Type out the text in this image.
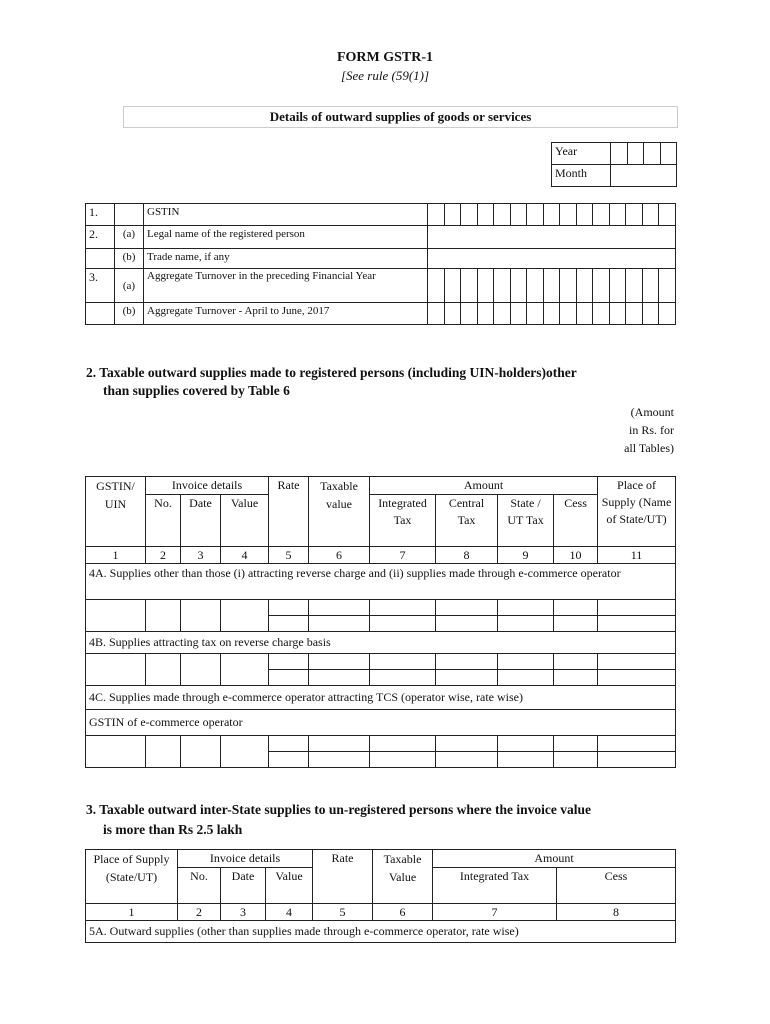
FORM GSTR-1
[See rule (59(1)]
Details of outward supplies of goods or services
Year	

Month	
1.		GSTIN	

2.	(a)	Legal name of the registered person	
	(b)	Trade name, if any	
3.	(a)	Aggregate Turnover in the preceding Financial Year	

	(b)	Aggregate Turnover - April to June, 2017	
2. Taxable outward supplies made to registered persons (including UIN-holders)other
than supplies covered by Table 6
(Amount
in Rs. for
all Tables)
GSTIN/ UIN	Invoice details			Rate	Taxable value	Amount				Place of Supply (Name of State/UT)
	No.	Date	Value			Integrated Tax	Central Tax	State / UT Tax	Cess	
1	2	3	4	5	6	7	8	9	10	11
4A. Supplies other than those (i) attracting reverse charge and (ii) supplies made through e-commerce operator										

4B. Supplies attracting tax on reverse charge basis										

4C. Supplies made through e-commerce operator attracting TCS (operator wise, rate wise)										
GSTIN of e-commerce operator										

3. Taxable outward inter-State supplies to un-registered persons where the invoice value
is more than Rs 2.5 lakh
Place of Supply (State/UT)	Invoice details			Rate	Taxable Value	Amount	
	No.	Date	Value			Integrated Tax	Cess
1	2	3	4	5	6	7	8
5A. Outward supplies (other than supplies made through e-commerce operator, rate wise)							
